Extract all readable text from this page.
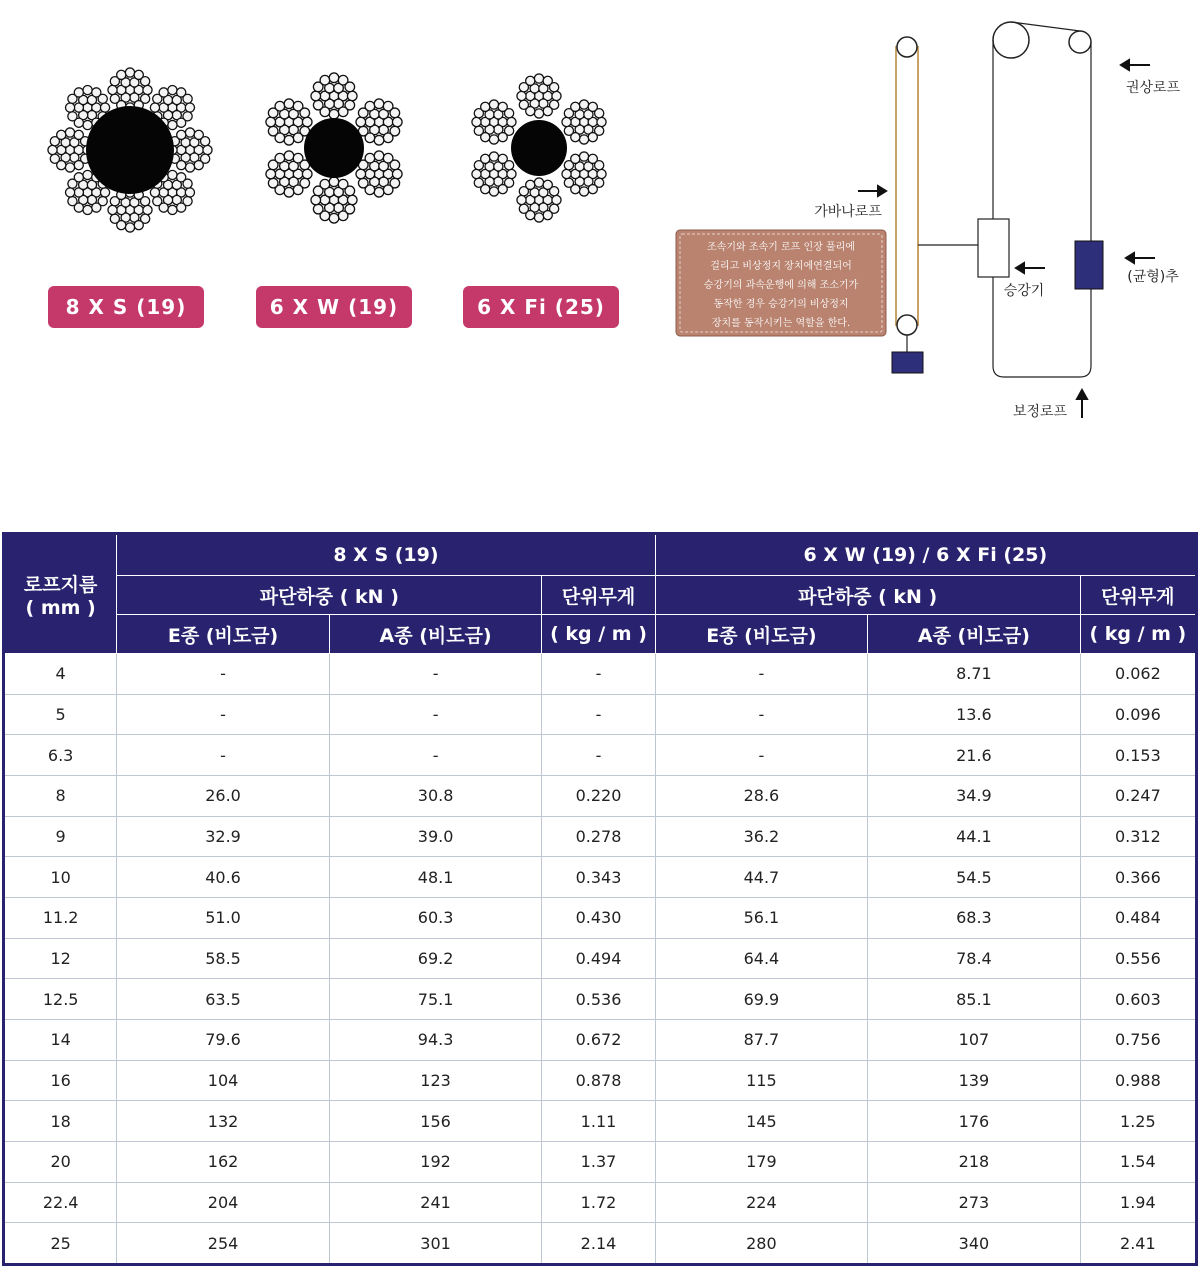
8 X S (19)	6 X W (19)	6 X Fi (25)
가바나로프
권상로프
승강기
(균형)추
보정로프
조속기와 조속기 로프 인장 풀리에
걸리고 비상정지 장치에연결되어
승강기의 과속운행에 의해 조소기가
동작한 경우 승강기의 비상정지
장치를 동작시키는 역할을 한다.
로프지름
( mm )	8 X S (19)			6 X W (19) / 6 X Fi (25)		
	파단하중 ( kN )		단위무게	파단하중 ( kN )		단위무게
	E종 (비도금)	A종 (비도금)	( kg / m )	E종 (비도금)	A종 (비도금)	( kg / m )
4	-	-	-	-	8.71	0.062
5	-	-	-	-	13.6	0.096
6.3	-	-	-	-	21.6	0.153
8	26.0	30.8	0.220	28.6	34.9	0.247
9	32.9	39.0	0.278	36.2	44.1	0.312
10	40.6	48.1	0.343	44.7	54.5	0.366
11.2	51.0	60.3	0.430	56.1	68.3	0.484
12	58.5	69.2	0.494	64.4	78.4	0.556
12.5	63.5	75.1	0.536	69.9	85.1	0.603
14	79.6	94.3	0.672	87.7	107	0.756
16	104	123	0.878	115	139	0.988
18	132	156	1.11	145	176	1.25
20	162	192	1.37	179	218	1.54
22.4	204	241	1.72	224	273	1.94
25	254	301	2.14	280	340	2.41
